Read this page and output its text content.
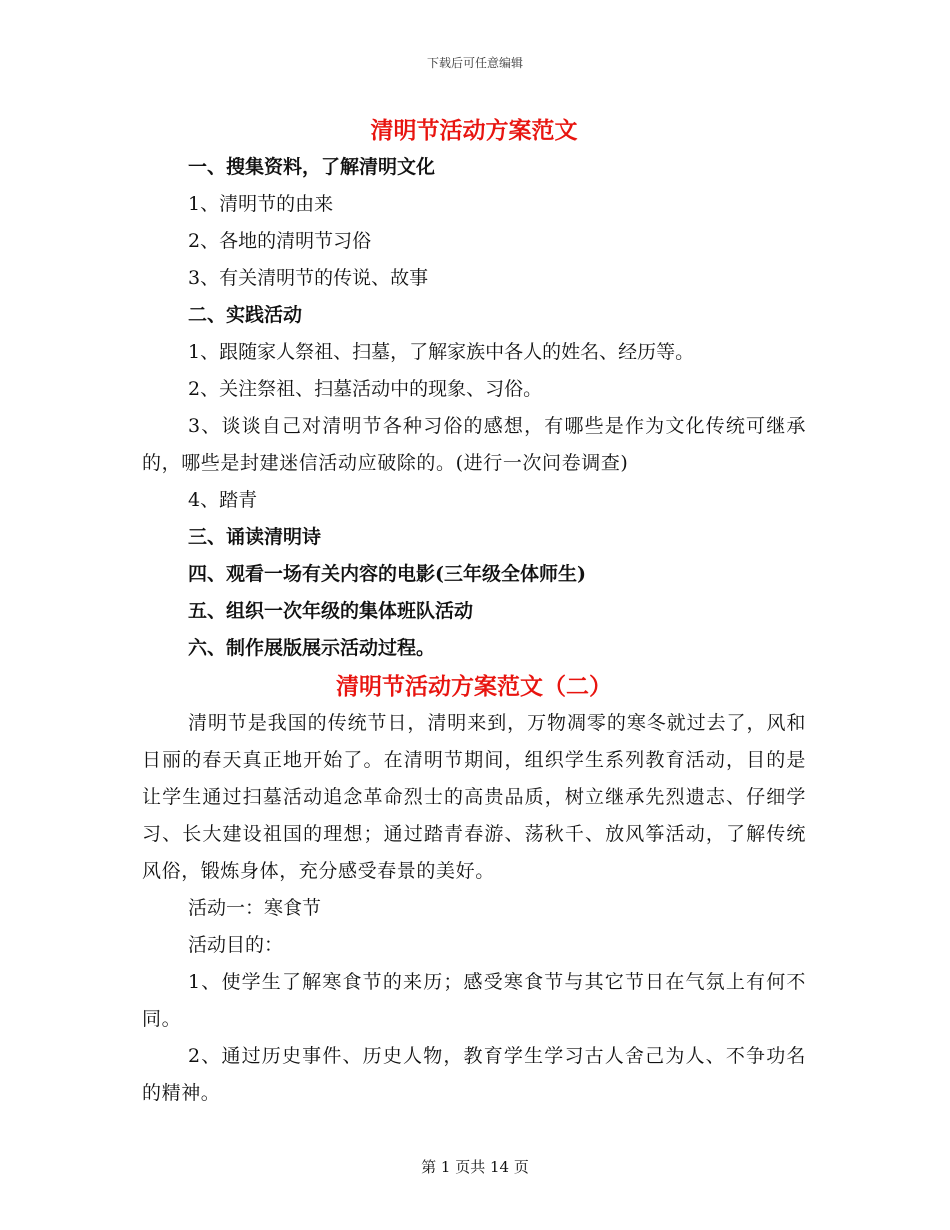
下载后可任意编辑
清明节活动方案范文

一、搜集资料，了解清明文化

1、清明节的由来

2、各地的清明节习俗

3、有关清明节的传说、故事

二、实践活动

1、跟随家人祭祖、扫墓，了解家族中各人的姓名、经历等。

2、关注祭祖、扫墓活动中的现象、习俗。

3、谈谈自己对清明节各种习俗的感想，有哪些是作为文化传统可继承的，哪些是封建迷信活动应破除的。(进行一次问卷调查)

4、踏青

三、诵读清明诗

四、观看一场有关内容的电影(三年级全体师生)

五、组织一次年级的集体班队活动

六、制作展版展示活动过程。

清明节活动方案范文（二）

清明节是我国的传统节日，清明来到，万物凋零的寒冬就过去了，风和日丽的春天真正地开始了。在清明节期间，组织学生系列教育活动，目的是让学生通过扫墓活动追念革命烈士的高贵品质，树立继承先烈遗志、仔细学习、长大建设祖国的理想；通过踏青春游、荡秋千、放风筝活动，了解传统风俗，锻炼身体，充分感受春景的美好。

活动一：寒食节

活动目的：

1、使学生了解寒食节的来历；感受寒食节与其它节日在气氛上有何不同。

2、通过历史事件、历史人物，教育学生学习古人舍己为人、不争功名的精神。

第 1 页共 14 页
